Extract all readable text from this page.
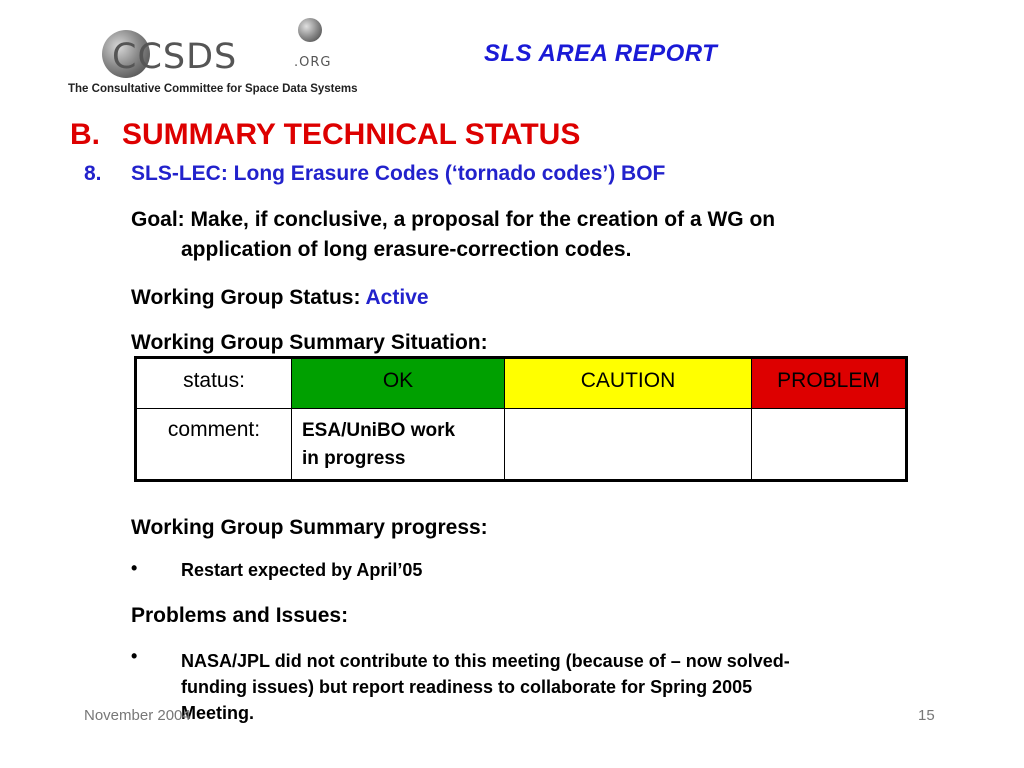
CCSDS	.ORG
The Consultative Committee for Space Data Systems
SLS AREA REPORT
B. SUMMARY TECHNICAL STATUS
8. SLS-LEC: Long Erasure Codes (‘tornado codes’) BOF
Goal: Make, if conclusive, a proposal for the creation of a WG on
application of long erasure-correction codes.
Working Group Status: Active
Working Group Summary Situation:
status:	OK	CAUTION	PROBLEM
comment:	ESA/UniBO work
in progress		

Working Group Summary progress:
• Restart expected by April’05
Problems and Issues:
• NASA/JPL did not contribute to this meeting (because of – now solved-
funding issues) but report readiness to collaborate for Spring 2005
Meeting.
November 2004	15
